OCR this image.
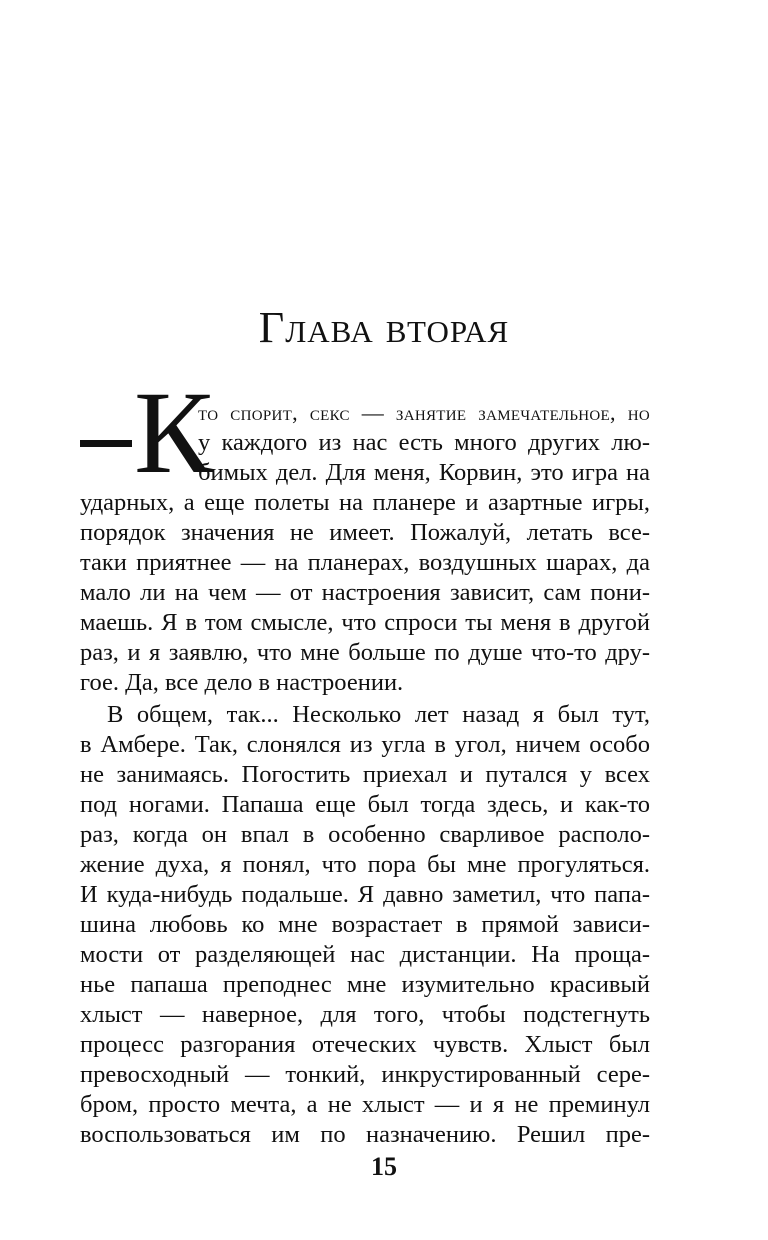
Глава вторая
К
то спорит, секс — занятие замечательное, но
у каждого из нас есть много других лю-
бимых дел. Для меня, Корвин, это игра на
ударных, а еще полеты на планере и азартные игры,
порядок значения не имеет. Пожалуй, летать все-
таки приятнее — на планерах, воздушных шарах, да
мало ли на чем — от настроения зависит, сам пони-
маешь. Я в том смысле, что спроси ты меня в другой
раз, и я заявлю, что мне больше по душе что-то дру-
гое. Да, все дело в настроении.
В общем, так... Несколько лет назад я был тут,
в Амбере. Так, слонялся из угла в угол, ничем особо
не занимаясь. Погостить приехал и путался у всех
под ногами. Папаша еще был тогда здесь, и как-то
раз, когда он впал в особенно сварливое располо-
жение духа, я понял, что пора бы мне прогуляться.
И куда-нибудь подальше. Я давно заметил, что папа-
шина любовь ко мне возрастает в прямой зависи-
мости от разделяющей нас дистанции. На проща-
нье папаша преподнес мне изумительно красивый
хлыст — наверное, для того, чтобы подстегнуть
процесс разгорания отеческих чувств. Хлыст был
превосходный — тонкий, инкрустированный сере-
бром, просто мечта, а не хлыст — и я не преминул
воспользоваться им по назначению. Решил пре-
15
